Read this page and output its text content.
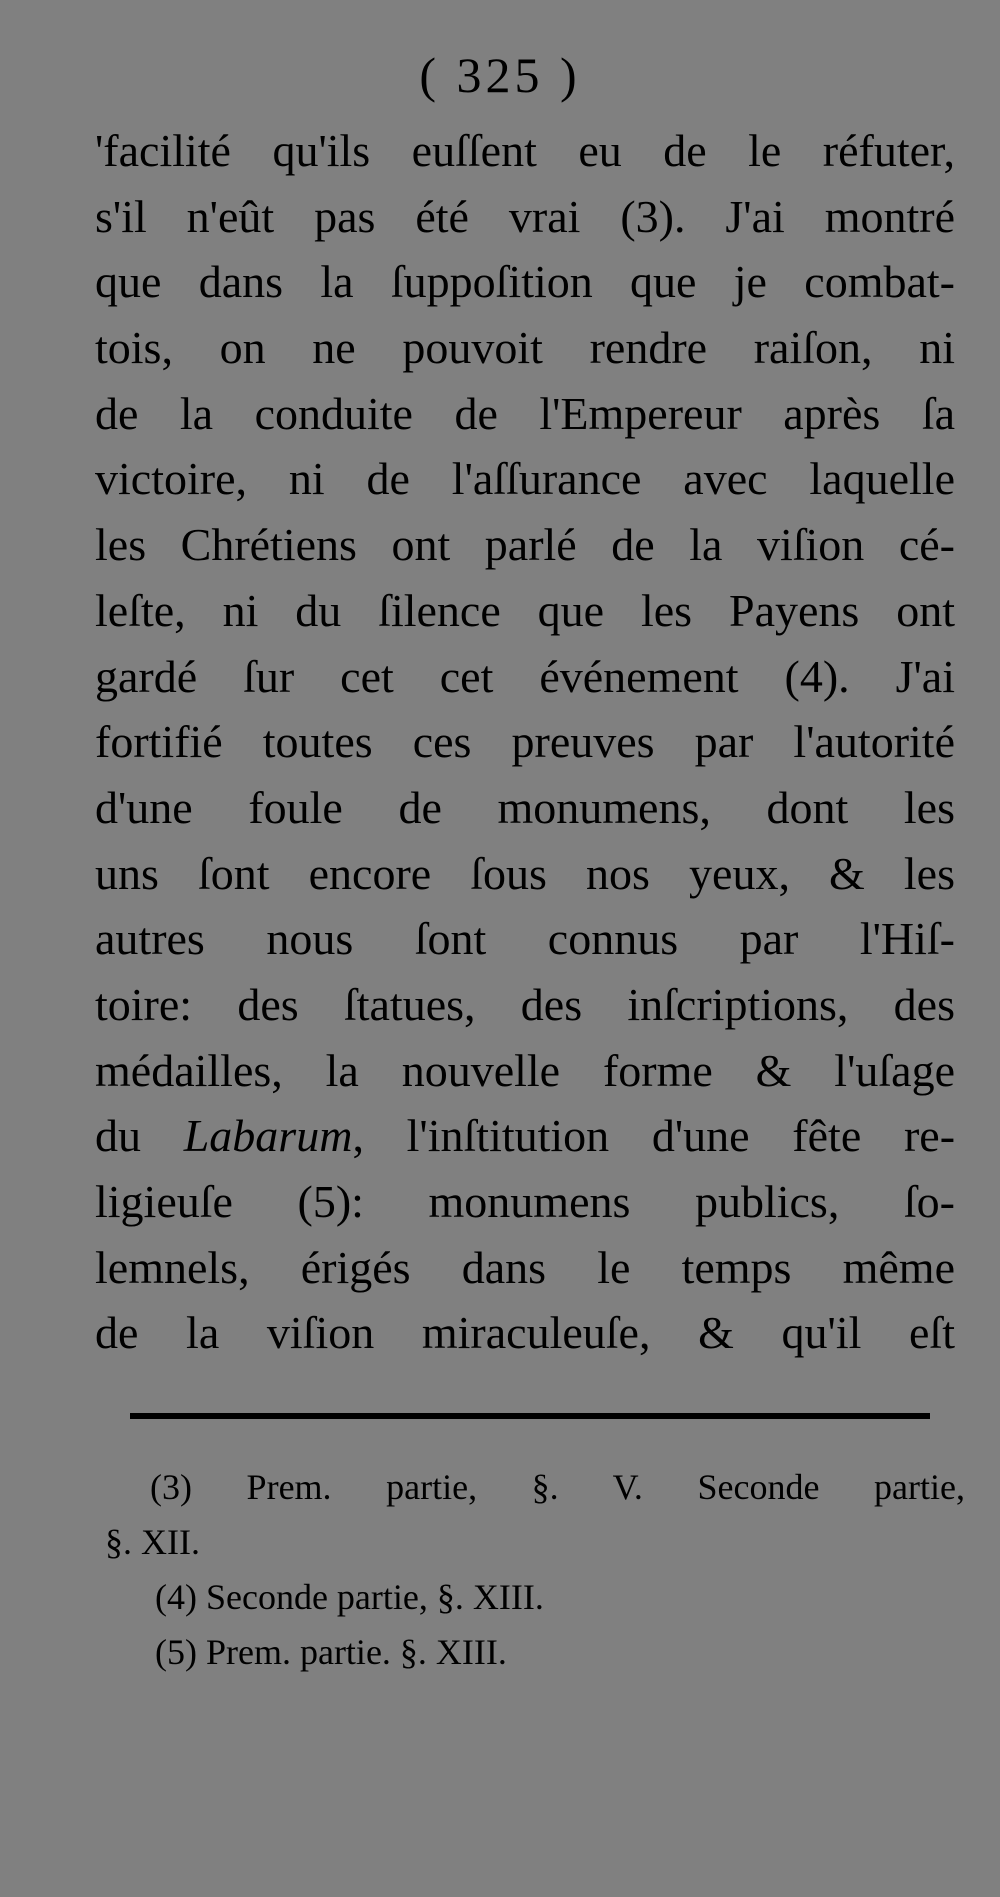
( 325 )
'facilité qu'ils euſſent eu de le réfuter,
s'il n'eût pas été vrai (3). J'ai montré
que dans la ſuppoſition que je combat-
tois, on ne pouvoit rendre raiſon, ni
de la conduite de l'Empereur après ſa
victoire, ni de l'aſſurance avec laquelle
les Chrétiens ont parlé de la viſion cé-
leſte, ni du ſilence que les Payens ont
gardé ſur cet cet événement (4). J'ai
fortifié toutes ces preuves par l'autorité
d'une foule de monumens, dont les
uns ſont encore ſous nos yeux, & les
autres nous ſont connus par l'Hiſ-
toire: des ſtatues, des inſcriptions, des
médailles, la nouvelle forme & l'uſage
du Labarum, l'inſtitution d'une fête re-
ligieuſe (5): monumens publics, ſo-
lemnels, érigés dans le temps même
de la viſion miraculeuſe, & qu'il eſt
(3) Prem. partie, §. V. Seconde partie,
§. XII.
(4) Seconde partie, §. XIII.
(5) Prem. partie. §. XIII.
